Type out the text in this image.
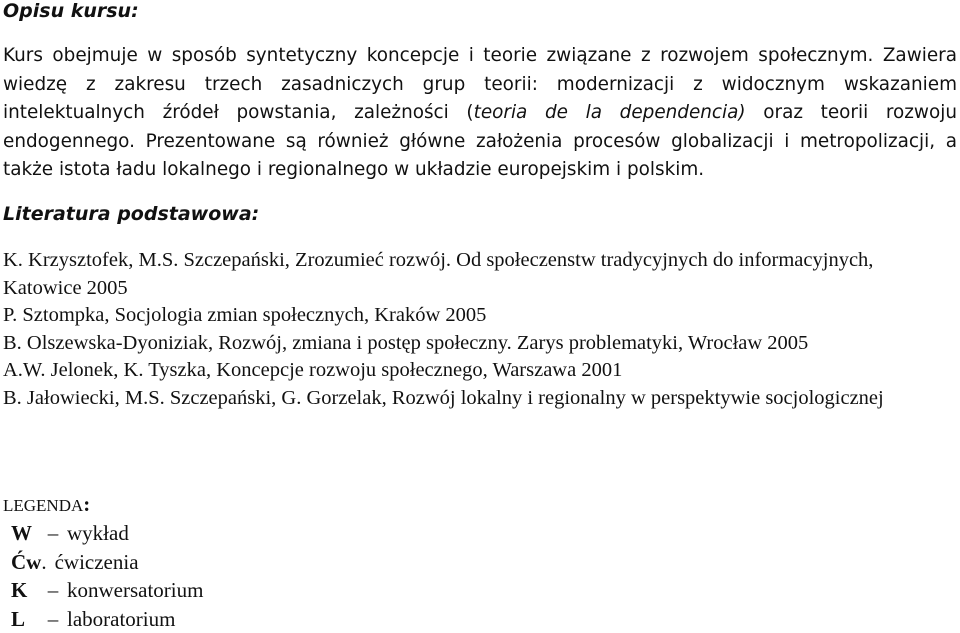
Opisu kursu:

Kurs obejmuje w sposób syntetyczny koncepcje i teorie związane z rozwojem społecznym. Zawiera wiedzę z zakresu trzech zasadniczych grup teorii: modernizacji z widocznym wskazaniem intelektualnych źródeł powstania, zależności (teoria de la dependencia) oraz teorii rozwoju endogennego. Prezentowane są również główne założenia procesów globalizacji i metropolizacji, a także istota ładu lokalnego i regionalnego w układzie europejskim i polskim.

Literatura podstawowa:
K. Krzysztofek, M.S. Szczepański, Zrozumieć rozwój. Od społeczenstw tradycyjnych do informacyjnych, Katowice 2005
P. Sztompka, Socjologia zmian społecznych, Kraków 2005
B. Olszewska-Dyoniziak, Rozwój, zmiana i postęp społeczny. Zarys problematyki, Wrocław 2005
A.W. Jelonek, K. Tyszka, Koncepcje rozwoju społecznego, Warszawa 2001
B. Jałowiecki, M.S. Szczepański, G. Gorzelak, Rozwój lokalny i regionalny w perspektywie socjologicznej
LEGENDA:
W – wykład
Ćw . ćwiczenia
K – konwersatorium
L	– laboratorium
